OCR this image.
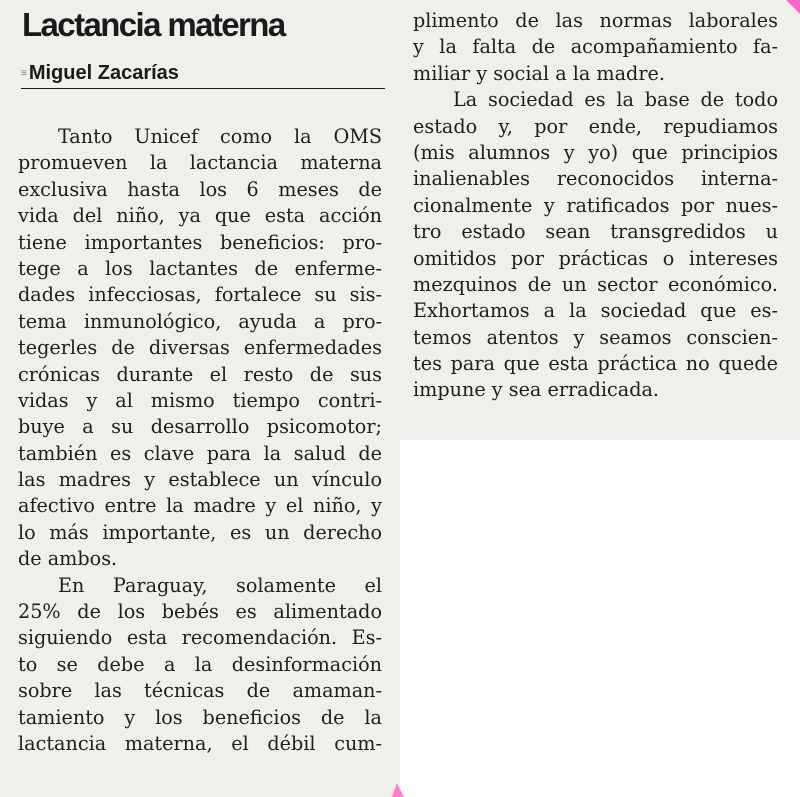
Lactancia materna
≡ Miguel Zacarías
Tanto Unicef como la OMS
promueven la lactancia materna
exclusiva hasta los 6 meses de
vida del niño, ya que esta acción
tiene importantes beneficios: pro-
tege a los lactantes de enferme-
dades infecciosas, fortalece su sis-
tema inmunológico, ayuda a pro-
tegerles de diversas enfermedades
crónicas durante el resto de sus
vidas y al mismo tiempo contri-
buye a su desarrollo psicomotor;
también es clave para la salud de
las madres y establece un vínculo
afectivo entre la madre y el niño, y
lo más importante, es un derecho
de ambos.
En Paraguay, solamente el
25% de los bebés es alimentado
siguiendo esta recomendación. Es-
to se debe a la desinformación
sobre las técnicas de amaman-
tamiento y los beneficios de la
lactancia materna, el débil cum-
plimento de las normas laborales
y la falta de acompañamiento fa-
miliar y social a la madre.
La sociedad es la base de todo
estado y, por ende, repudiamos
(mis alumnos y yo) que principios
inalienables reconocidos interna-
cionalmente y ratificados por nues-
tro estado sean transgredidos u
omitidos por prácticas o intereses
mezquinos de un sector económico.
Exhortamos a la sociedad que es-
temos atentos y seamos conscien-
tes para que esta práctica no quede
impune y sea erradicada.
